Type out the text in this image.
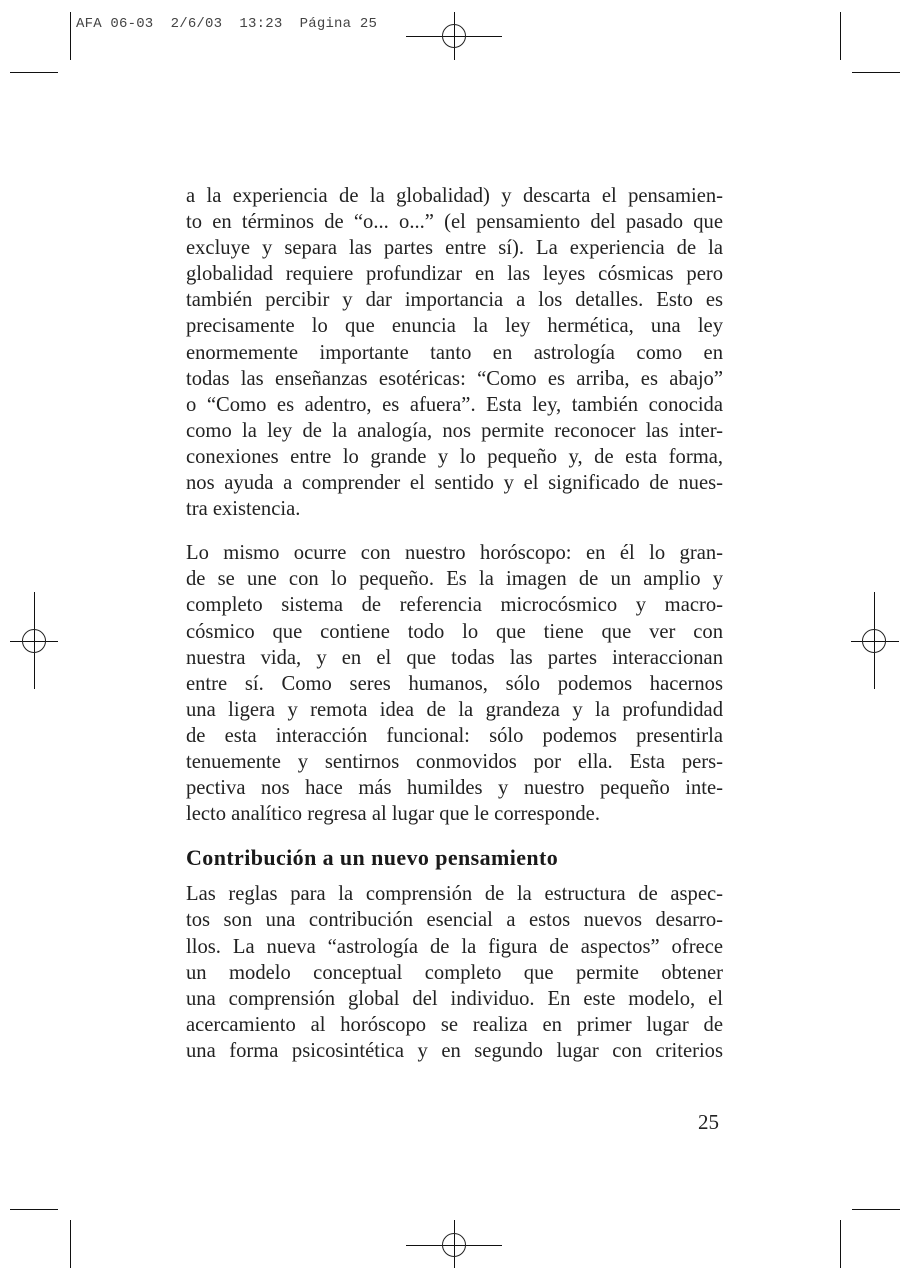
AFA 06-03  2/6/03  13:23  Página 25
a la experiencia de la globalidad) y descarta el pensamien-
to en términos de “o... o...” (el pensamiento del pasado que
excluye y separa las partes entre sí). La experiencia de la
globalidad requiere profundizar en las leyes cósmicas pero
también percibir y dar importancia a los detalles. Esto es
precisamente lo que enuncia la ley hermética, una ley
enormemente importante tanto en astrología como en
todas las enseñanzas esotéricas: “Como es arriba, es abajo”
o “Como es adentro, es afuera”. Esta ley, también conocida
como la ley de la analogía, nos permite reconocer las inter-
conexiones entre lo grande y lo pequeño y, de esta forma,
nos ayuda a comprender el sentido y el significado de nues-
tra existencia.
Lo mismo ocurre con nuestro horóscopo: en él lo gran-
de se une con lo pequeño. Es la imagen de un amplio y
completo sistema de referencia microcósmico y macro-
cósmico que contiene todo lo que tiene que ver con
nuestra vida, y en el que todas las partes interaccionan
entre sí. Como seres humanos, sólo podemos hacernos
una ligera y remota idea de la grandeza y la profundidad
de esta interacción funcional: sólo podemos presentirla
tenuemente y sentirnos conmovidos por ella. Esta pers-
pectiva nos hace más humildes y nuestro pequeño inte-
lecto analítico regresa al lugar que le corresponde.
Contribución a un nuevo pensamiento
Las reglas para la comprensión de la estructura de aspec-
tos son una contribución esencial a estos nuevos desarro-
llos. La nueva “astrología de la figura de aspectos” ofrece
un modelo conceptual completo que permite obtener
una comprensión global del individuo. En este modelo, el
acercamiento al horóscopo se realiza en primer lugar de
una forma psicosintética y en segundo lugar con criterios
25
